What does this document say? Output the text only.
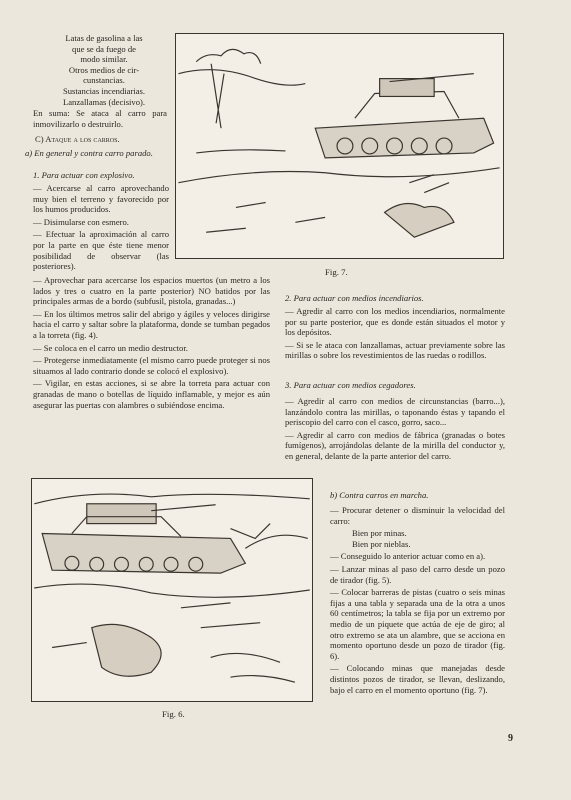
Latas de gasolina a las
que se da fuego de
modo similar.
Otros medios de cir-
cunstancias.
Sustancias incendiarias.
Lanzallamas (decisivo).
En suma: Se ataca al carro para inmovilizarlo o destruirlo.
C) Ataque a los carros.
a) En general y contra carro parado.
1. Para actuar con explosivo.

— Acercarse al carro aprovechando muy bien el terreno y favorecido por los humos producidos.

— Disimularse con esmero.

— Efectuar la aproximación al carro por la parte en que éste tiene menor posibilidad de observar (las posteriores).

— Aprovechar para acercarse los espacios muertos (un metro a los lados y tres o cuatro en la parte posterior) NO batidos por las principales armas de a bordo (subfusil, pistola, granadas...)

— En los últimos metros salir del abrigo y ágiles y veloces dirigirse hacia el carro y saltar sobre la plataforma, donde se tumban pegados a la torreta (fig. 4).

— Se coloca en el carro un medio destructor.

— Protegerse inmediatamente (el mismo carro puede proteger si nos situamos al lado contrario donde se colocó el explosivo).

— Vigilar, en estas acciones, si se abre la torreta para actuar con granadas de mano o botellas de líquido inflamable, y mejor es aún asegurar las puertas con alambres o subiéndose encima.

Fig. 7.
2. Para actuar con medios incendiarios.

— Agredir al carro con los medios incendiarios, normalmente por su parte posterior, que es donde están situados el motor y los depósitos.

— Si se le ataca con lanzallamas, actuar previamente sobre las mirillas o sobre los revestimientos de las ruedas o rodillos.

3. Para actuar con medios cegadores.

— Agredir al carro con medios de circunstancias (barro...), lanzándolo contra las mirillas, o taponando éstas y tapando el periscopio del carro con el casco, gorro, saco...

— Agredir al carro con medios de fábrica (granadas o botes fumígenos), arrojándolas delante de la mirilla del conductor y, en general, delante de la parte anterior del carro.

b) Contra carros en marcha.

— Procurar detener o disminuir la velocidad del carro:

Bien por minas.

Bien por nieblas.

— Conseguido lo anterior actuar como en a).

— Lanzar minas al paso del carro desde un pozo de tirador (fig. 5).

— Colocar barreras de pistas (cuatro o seis minas fijas a una tabla y separada una de la otra a unos 60 centímetros; la tabla se fija por un extremo por medio de un piquete que actúa de eje de giro; al otro extremo se ata un alambre, que se acciona en momento oportuno desde un pozo de tirador (fig. 6).

— Colocando minas que manejadas desde distintos pozos de tirador, se llevan, deslizando, bajo el carro en el momento oportuno (fig. 7).

Fig. 6.
9
